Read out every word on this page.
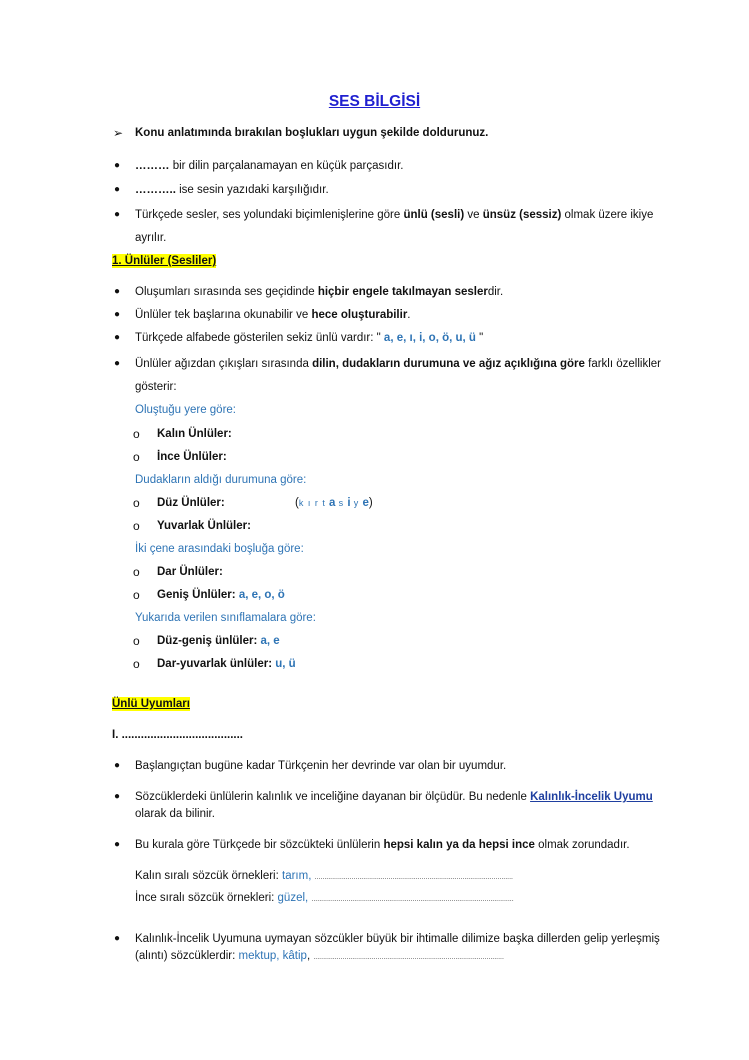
SES BİLGİSİ
➢ Konu anlatımında bırakılan boşlukları uygun şekilde doldurunuz.
● ……… bir dilin parçalanamayan en küçük parçasıdır.
● ……….. ise sesin yazıdaki karşılığıdır.
● Türkçede sesler, ses yolundaki biçimlenişlerine göre ünlü (sesli) ve ünsüz (sessiz) olmak üzere ikiye
ayrılır.
1. Ünlüler (Sesliler)
● Oluşumları sırasında ses geçidinde hiçbir engele takılmayan seslerdir.
● Ünlüler tek başlarına okunabilir ve hece oluşturabilir.
● Türkçede alfabede gösterilen sekiz ünlü vardır: " a, e, ı, i, o, ö, u, ü "
● Ünlüler ağızdan çıkışları sırasında dilin, dudakların durumuna ve ağız açıklığına göre farklı özellikler
gösterir:
Oluştuğu yere göre:
o Kalın Ünlüler:
o İnce Ünlüler:
Dudakların aldığı durumuna göre:
o Düz Ünlüler:	(k ı r t a s i y e)
o Yuvarlak Ünlüler:
İki çene arasındaki boşluğa göre:
o Dar Ünlüler:
o Geniş Ünlüler: a, e, o, ö
Yukarıda verilen sınıflamalara göre:
o Düz-geniş ünlüler: a, e
o Dar-yuvarlak ünlüler: u, ü
Ünlü Uyumları
I. ......................................
● Başlangıçtan bugüne kadar Türkçenin her devrinde var olan bir uyumdur.
● Sözcüklerdeki ünlülerin kalınlık ve inceliğine dayanan bir ölçüdür. Bu nedenle Kalınlık-İncelik Uyumu
olarak da bilinir.
● Bu kurala göre Türkçede bir sözcükteki ünlülerin hepsi kalın ya da hepsi ince olmak zorundadır.
Kalın sıralı sözcük örnekleri: tarım, ......................................................................................................
İnce sıralı sözcük örnekleri: güzel, ........................................................................................................
● Kalınlık-İncelik Uyumuna uymayan sözcükler büyük bir ihtimalle dilimize başka dillerden gelip yerleşmiş
(alıntı) sözcüklerdir: mektup, kâtip, ..................................................................................................
